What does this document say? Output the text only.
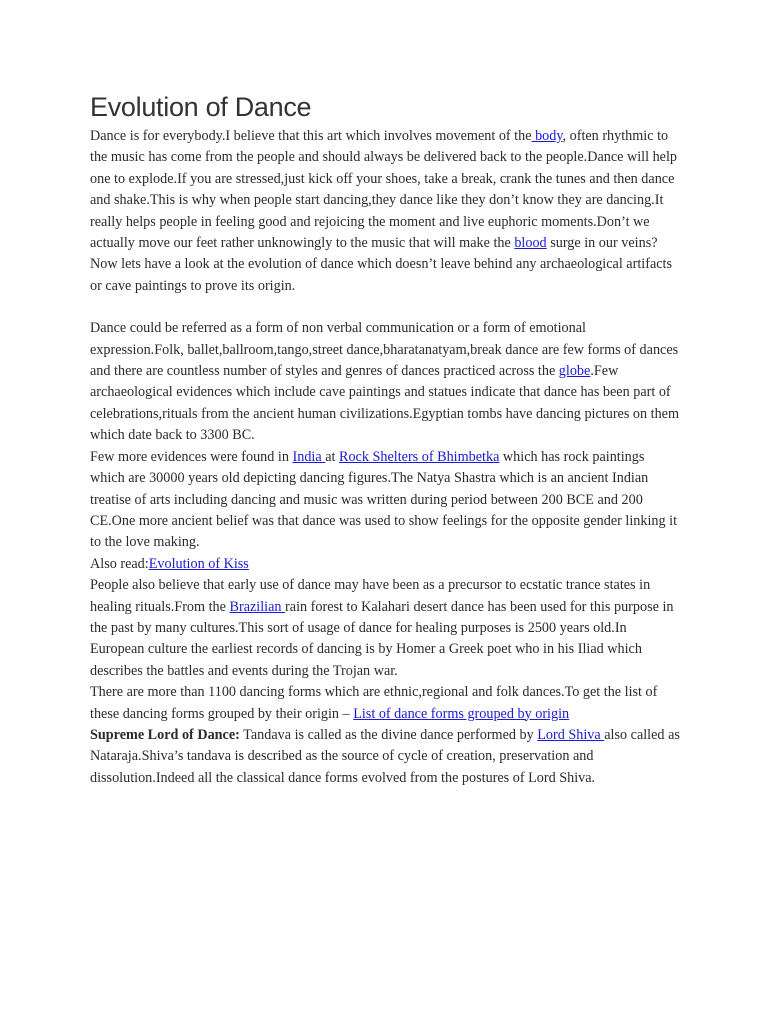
Evolution of Dance

Dance is for everybody.I believe that this art which involves movement of the body, often rhythmic to the music has come from the people and should always be delivered back to the people.Dance will help one to explode.If you are stressed,just kick off your shoes, take a break, crank the tunes and then dance and shake.This is why when people start dancing,they dance like they don’t know they are dancing.It really helps people in feeling good and rejoicing the moment and live euphoric moments.Don’t we actually move our feet rather unknowingly to the music that will make the blood surge in our veins?

Now lets have a look at the evolution of dance which doesn’t leave behind any archaeological artifacts or cave paintings to prove its origin.

Dance could be referred as a form of non verbal communication or a form of emotional expression.Folk, ballet,ballroom,tango,street dance,bharatanatyam,break dance are few forms of dances and there are countless number of styles and genres of dances practiced across the globe.Few archaeological evidences which include cave paintings and statues indicate that dance has been part of celebrations,rituals from the ancient human civilizations.Egyptian tombs have dancing pictures on them which date back to 3300 BC.

Few more evidences were found in India at Rock Shelters of Bhimbetka which has rock paintings which are 30000 years old depicting dancing figures.The Natya Shastra which is an ancient Indian treatise of arts including dancing and music was written during period between 200 BCE and 200 CE.One more ancient belief was that dance was used to show feelings for the opposite gender linking it to the love making.

Also read:Evolution of Kiss

People also believe that early use of dance may have been as a precursor to ecstatic trance states in healing rituals.From the Brazilian rain forest to Kalahari desert dance has been used for this purpose in the past by many cultures.This sort of usage of dance for healing purposes is 2500 years old.In European culture the earliest records of dancing is by Homer a Greek poet who in his Iliad which describes the battles and events during the Trojan war.

There are more than 1100 dancing forms which are ethnic,regional and folk dances.To get the list of these dancing forms grouped by their origin – List of dance forms grouped by origin

Supreme Lord of Dance: Tandava is called as the divine dance performed by Lord Shiva also called as Nataraja.Shiva’s tandava is described as the source of cycle of creation, preservation and dissolution.Indeed all the classical dance forms evolved from the postures of Lord Shiva.
